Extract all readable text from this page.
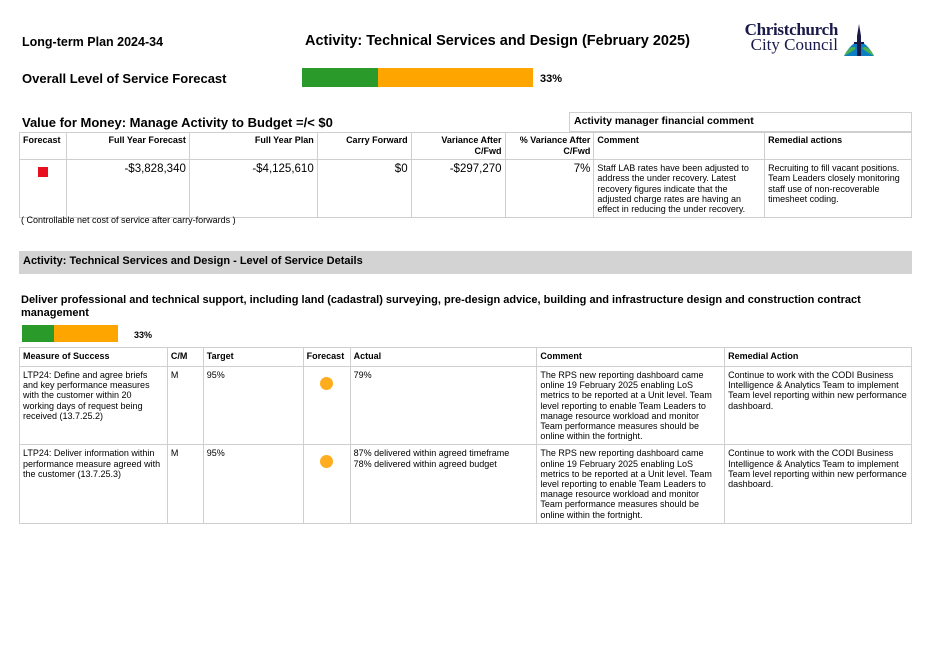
Long-term Plan 2024-34	Activity: Technical Services and Design (February 2025)
Christchurch
City Council
Overall Level of Service Forecast	33%
Value for Money: Manage Activity to Budget =/< $0	Activity manager financial comment
Forecast	Full Year Forecast	Full Year Plan	Carry Forward	Variance After C/Fwd	% Variance After C/Fwd	Comment	Remedial actions
	-$3,828,340	-$4,125,610	$0	-$297,270	7%	Staff LAB rates have been adjusted to address the under recovery. Latest recovery figures indicate that the adjusted charge rates are having an effect in reducing the under recovery.	Recruiting to fill vacant positions. Team Leaders closely monitoring staff use of non-recoverable timesheet coding.
( Controllable net cost of service after carry-forwards )
Activity: Technical Services and Design - Level of Service Details
Deliver professional and technical support, including land (cadastral) surveying, pre-design advice, building and infrastructure design and construction contract management
33%
Measure of Success	C/M	Target	Forecast	Actual	Comment	Remedial Action
LTP24: Define and agree briefs and key performance measures with the customer within 20 working days of request being received (13.7.25.2)	M	95%		79%	The RPS new reporting dashboard came online 19 February 2025 enabling LoS metrics to be reported at a Unit level. Team level reporting to enable Team Leaders to manage resource workload and monitor Team performance measures should be online within the fortnight.	Continue to work with the CODI Business Intelligence & Analytics Team to implement Team level reporting within new performance dashboard.
LTP24: Deliver information within performance measure agreed with the customer (13.7.25.3)	M	95%		87% delivered within agreed timeframe
78% delivered within agreed budget	The RPS new reporting dashboard came online 19 February 2025 enabling LoS metrics to be reported at a Unit level. Team level reporting to enable Team Leaders to manage resource workload and monitor Team performance measures should be online within the fortnight.	Continue to work with the CODI Business Intelligence & Analytics Team to implement Team level reporting within new performance dashboard.
